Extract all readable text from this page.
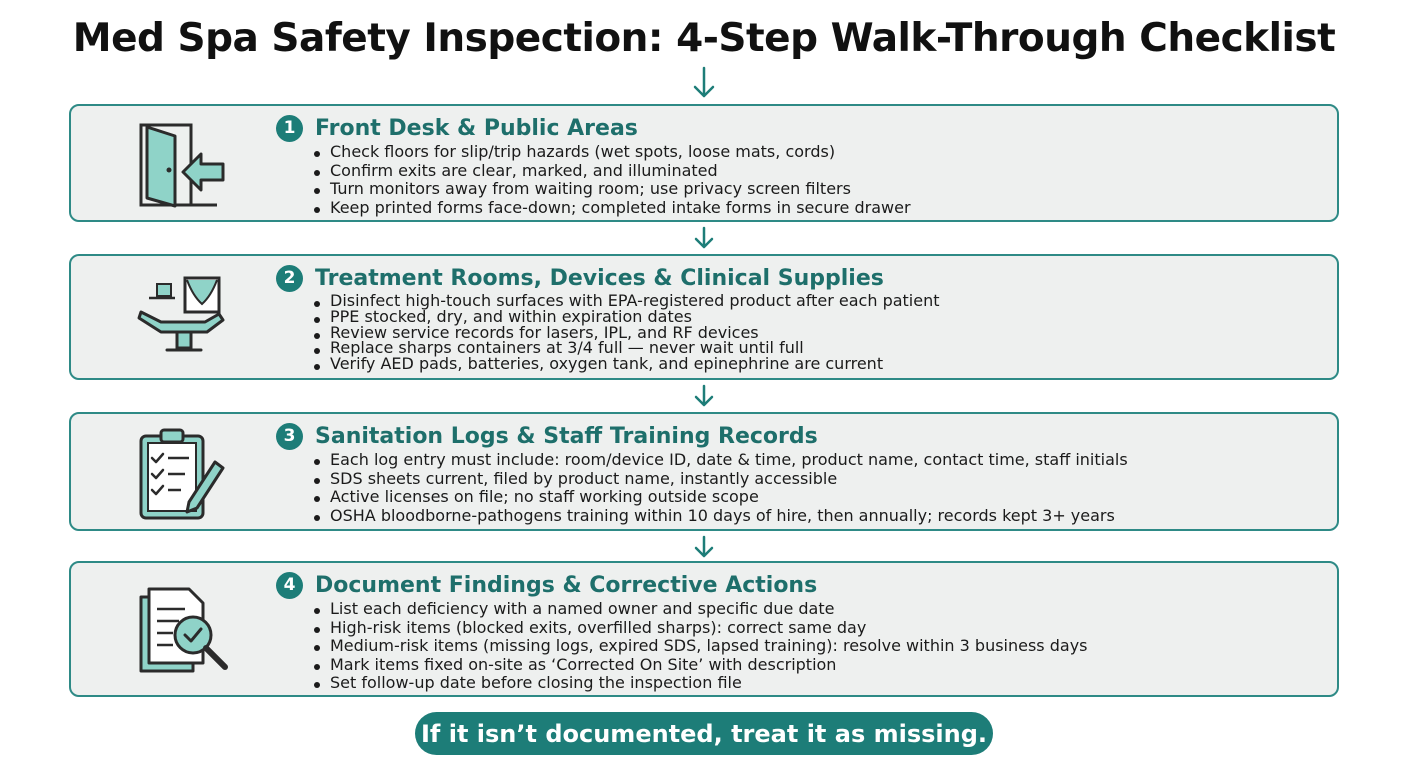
Med Spa Safety Inspection: 4-Step Walk-Through Checklist
1 Front Desk & Public Areas
Check floors for slip/trip hazards (wet spots, loose mats, cords)
Confirm exits are clear, marked, and illuminated
Turn monitors away from waiting room; use privacy screen filters
Keep printed forms face-down; completed intake forms in secure drawer
2 Treatment Rooms, Devices & Clinical Supplies
Disinfect high-touch surfaces with EPA-registered product after each patient
PPE stocked, dry, and within expiration dates
Review service records for lasers, IPL, and RF devices
Replace sharps containers at 3/4 full — never wait until full
Verify AED pads, batteries, oxygen tank, and epinephrine are current
3 Sanitation Logs & Staff Training Records
Each log entry must include: room/device ID, date & time, product name, contact time, staff initials
SDS sheets current, filed by product name, instantly accessible
Active licenses on file; no staff working outside scope
OSHA bloodborne-pathogens training within 10 days of hire, then annually; records kept 3+ years
4 Document Findings & Corrective Actions
List each deficiency with a named owner and specific due date
High-risk items (blocked exits, overfilled sharps): correct same day
Medium-risk items (missing logs, expired SDS, lapsed training): resolve within 3 business days
Mark items fixed on-site as ‘Corrected On Site’ with description
Set follow-up date before closing the inspection file
If it isn’t documented, treat it as missing.
